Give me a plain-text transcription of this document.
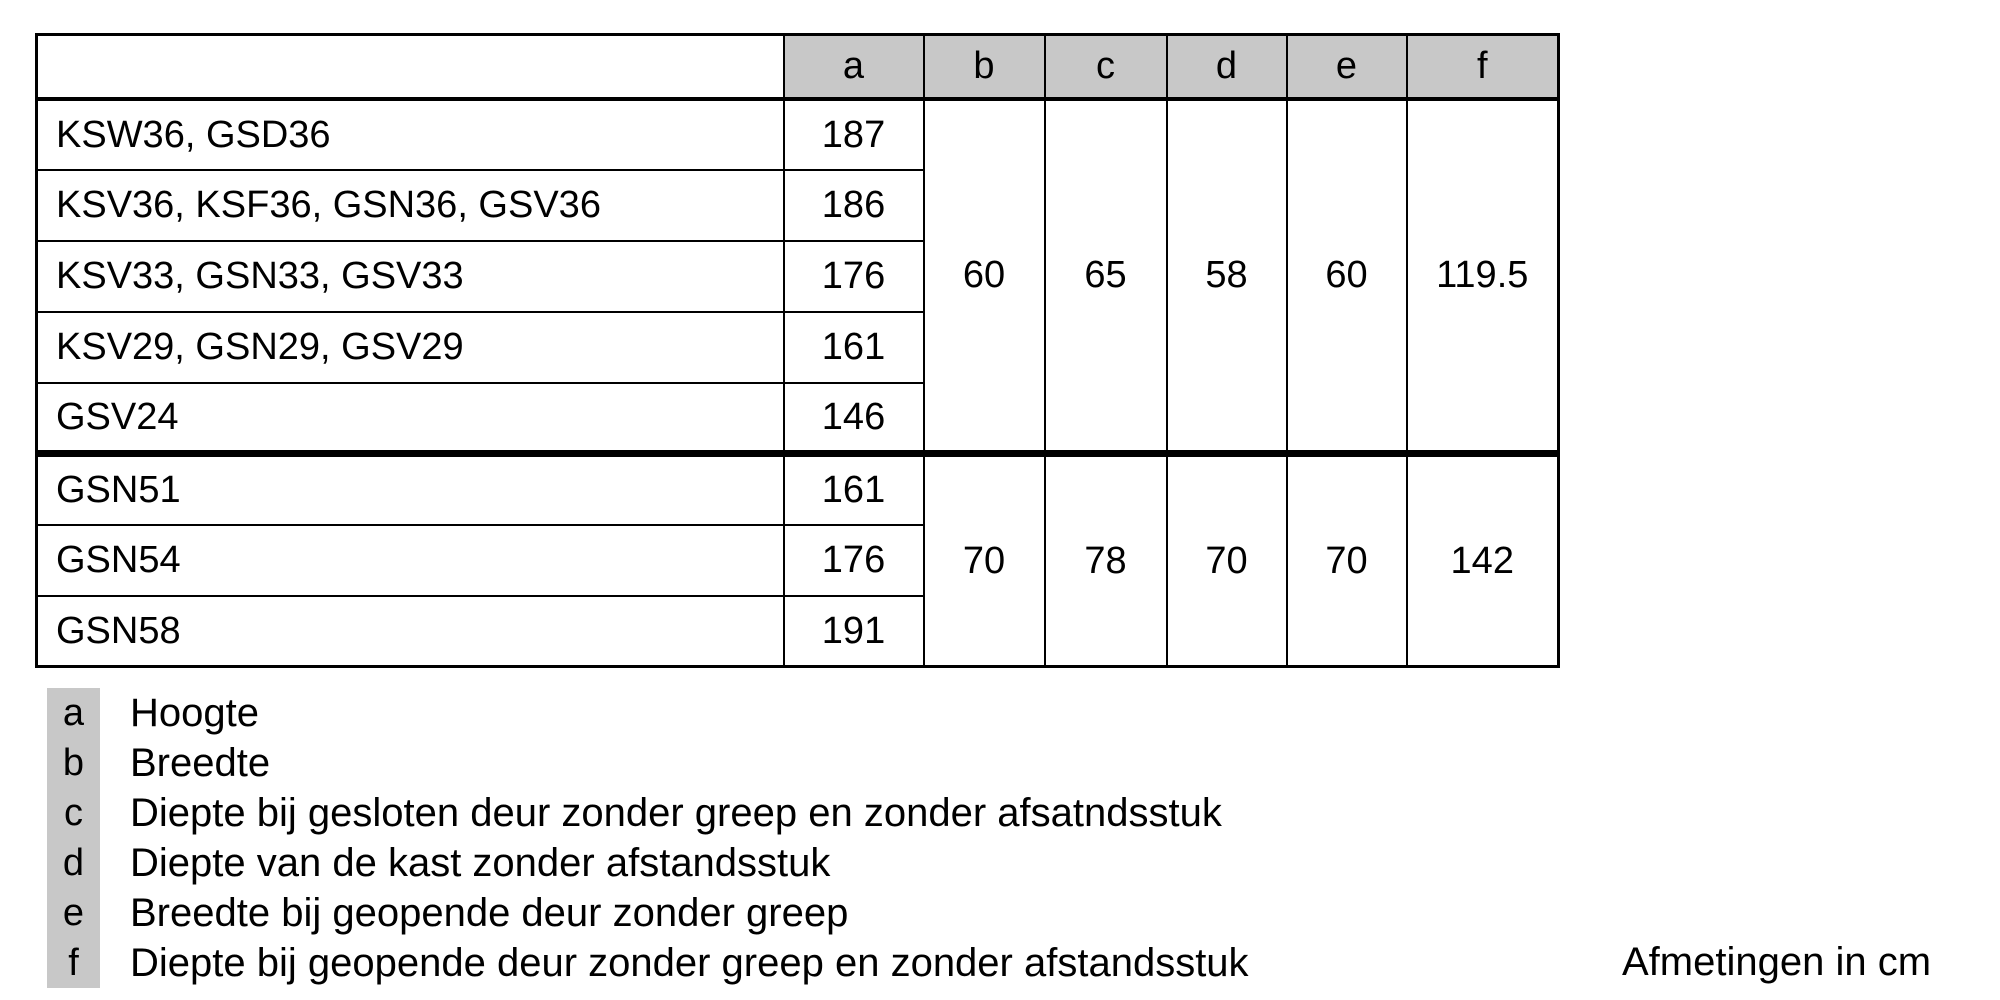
	a	b	c	d	e	f
KSW36, GSD36	187	60	65	58	60	119.5
KSV36, KSF36, GSN36, GSV36	186					
KSV33, GSN33, GSV33	176					
KSV29, GSN29, GSV29	161					
GSV24	146					
GSN51	161	70	78	70	70	142
GSN54	176					
GSN58	191					
a	Hoogte
b	Breedte
c	Diepte bij gesloten deur zonder greep en zonder afsatndsstuk
d	Diepte van de kast zonder afstandsstuk
e	Breedte bij geopende deur zonder greep
f	Diepte bij geopende deur zonder greep en zonder afstandsstuk	Afmetingen in cm
